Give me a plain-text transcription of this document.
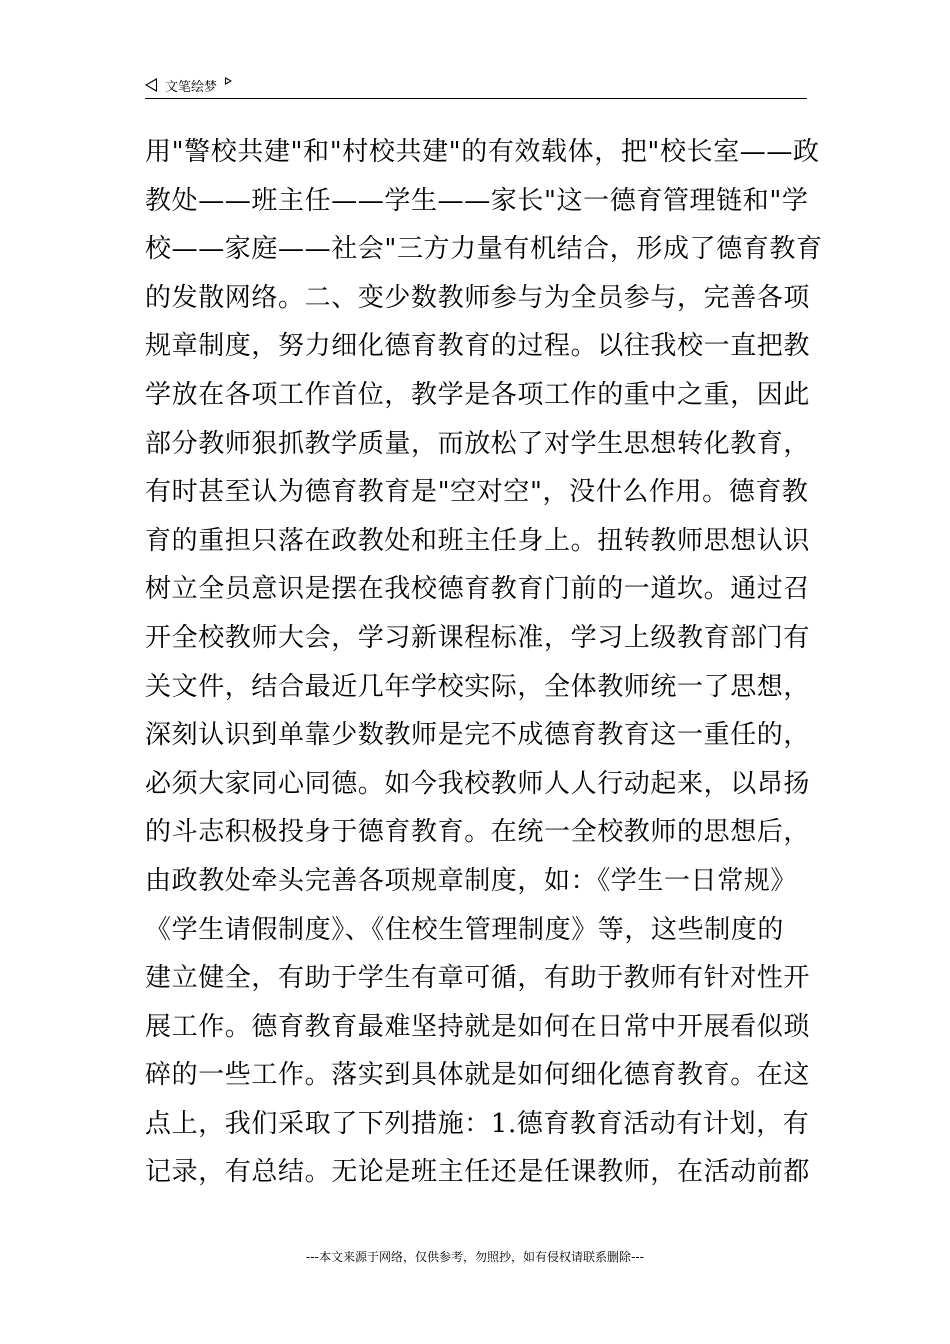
文笔绘梦
用"警校共建"和"村校共建"的有效载体，把"校长室——政
教处——班主任——学生——家长"这一德育管理链和"学
校——家庭——社会"三方力量有机结合，形成了德育教育
的发散网络。二、变少数教师参与为全员参与，完善各项
规章制度，努力细化德育教育的过程。以往我校一直把教
学放在各项工作首位，教学是各项工作的重中之重，因此
部分教师狠抓教学质量，而放松了对学生思想转化教育，
有时甚至认为德育教育是"空对空"，没什么作用。德育教
育的重担只落在政教处和班主任身上。扭转教师思想认识
树立全员意识是摆在我校德育教育门前的一道坎。通过召
开全校教师大会，学习新课程标准，学习上级教育部门有
关文件，结合最近几年学校实际，全体教师统一了思想，
深刻认识到单靠少数教师是完不成德育教育这一重任的，
必须大家同心同德。如今我校教师人人行动起来，以昂扬
的斗志积极投身于德育教育。在统一全校教师的思想后，
由政教处牵头完善各项规章制度，如：《学生一日常规》
《学生请假制度》、《住校生管理制度》等，这些制度的
建立健全，有助于学生有章可循，有助于教师有针对性开
展工作。德育教育最难坚持就是如何在日常中开展看似琐
碎的一些工作。落实到具体就是如何细化德育教育。在这
点上，我们采取了下列措施：1.德育教育活动有计划，有
记录，有总结。无论是班主任还是任课教师，在活动前都
---本文来源于网络，仅供参考，勿照抄，如有侵权请联系删除---
